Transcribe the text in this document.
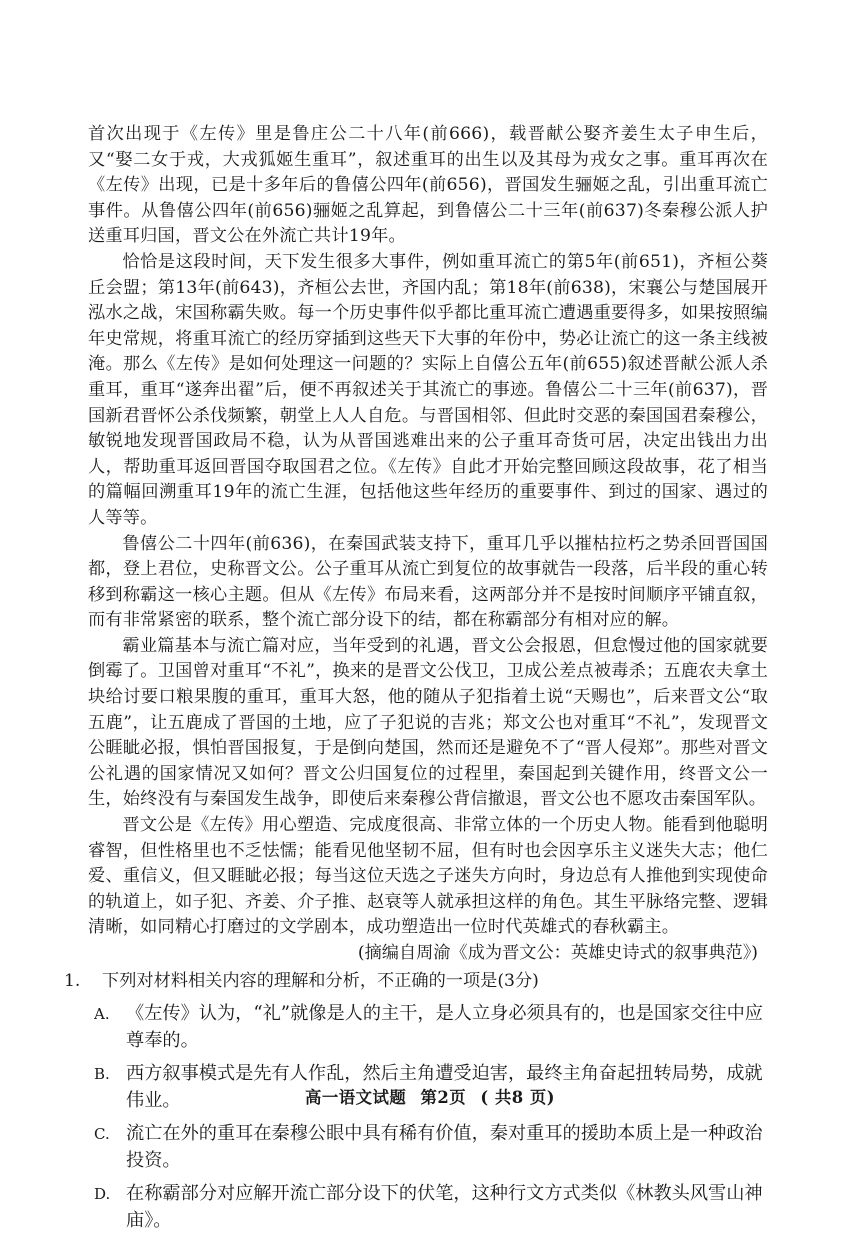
首次出现于《左传》里是鲁庄公二十八年(前666)，载晋献公娶齐姜生太子申生后，又“娶二女于戎，大戎狐姬生重耳”，叙述重耳的出生以及其母为戎女之事。重耳再次在《左传》出现，已是十多年后的鲁僖公四年(前656)，晋国发生骊姬之乱，引出重耳流亡事件。从鲁僖公四年(前656)骊姬之乱算起，到鲁僖公二十三年(前637)冬秦穆公派人护送重耳归国，晋文公在外流亡共计19年。

恰恰是这段时间，天下发生很多大事件，例如重耳流亡的第5年(前651)，齐桓公葵丘会盟；第13年(前643)，齐桓公去世，齐国内乱；第18年(前638)，宋襄公与楚国展开泓水之战，宋国称霸失败。每一个历史事件似乎都比重耳流亡遭遇重要得多，如果按照编年史常规，将重耳流亡的经历穿插到这些天下大事的年份中，势必让流亡的这一条主线被淹。那么《左传》是如何处理这一问题的？实际上自僖公五年(前655)叙述晋献公派人杀重耳，重耳“遂奔出翟”后，便不再叙述关于其流亡的事迹。鲁僖公二十三年(前637)，晋国新君晋怀公杀伐频繁，朝堂上人人自危。与晋国相邻、但此时交恶的秦国国君秦穆公，敏锐地发现晋国政局不稳，认为从晋国逃难出来的公子重耳奇货可居，决定出钱出力出人，帮助重耳返回晋国夺取国君之位。《左传》自此才开始完整回顾这段故事，花了相当的篇幅回溯重耳19年的流亡生涯，包括他这些年经历的重要事件、到过的国家、遇过的人等等。

鲁僖公二十四年(前636)，在秦国武装支持下，重耳几乎以摧枯拉朽之势杀回晋国国都，登上君位，史称晋文公。公子重耳从流亡到复位的故事就告一段落，后半段的重心转移到称霸这一核心主题。但从《左传》布局来看，这两部分并不是按时间顺序平铺直叙，而有非常紧密的联系，整个流亡部分设下的结，都在称霸部分有相对应的解。

霸业篇基本与流亡篇对应，当年受到的礼遇，晋文公会报恩，但怠慢过他的国家就要倒霉了。卫国曾对重耳“不礼”，换来的是晋文公伐卫，卫成公差点被毒杀；五鹿农夫拿土块给讨要口粮果腹的重耳，重耳大怒，他的随从子犯指着土说“天赐也”，后来晋文公“取五鹿”，让五鹿成了晋国的土地，应了子犯说的吉兆；郑文公也对重耳“不礼”，发现晋文公睚眦必报，惧怕晋国报复，于是倒向楚国，然而还是避免不了“晋人侵郑”。那些对晋文公礼遇的国家情况又如何？晋文公归国复位的过程里，秦国起到关键作用，终晋文公一生，始终没有与秦国发生战争，即使后来秦穆公背信撤退，晋文公也不愿攻击秦国军队。

晋文公是《左传》用心塑造、完成度很高、非常立体的一个历史人物。能看到他聪明睿智，但性格里也不乏怯懦；能看见他坚韧不屈，但有时也会因享乐主义迷失大志；他仁爱、重信义，但又睚眦必报；每当这位天选之子迷失方向时，身边总有人推他到实现使命的轨道上，如子犯、齐姜、介子推、赵衰等人就承担这样的角色。其生平脉络完整、逻辑清晰，如同精心打磨过的文学剧本，成功塑造出一位时代英雄式的春秋霸主。

(摘编自周渝《成为晋文公：英雄史诗式的叙事典范》)

1.	下列对材料相关内容的理解和分析，不正确的一项是(3分)
A. 《左传》认为，“礼”就像是人的主干，是人立身必须具有的，也是国家交往中应尊奉的。
B. 西方叙事模式是先有人作乱，然后主角遭受迫害，最终主角奋起扭转局势，成就伟业。
C. 流亡在外的重耳在秦穆公眼中具有稀有价值，秦对重耳的援助本质上是一种政治投资。
D. 在称霸部分对应解开流亡部分设下的伏笔，这种行文方式类似《林教头风雪山神庙》。
高一语文试题 第2页 ( 共8 页)
